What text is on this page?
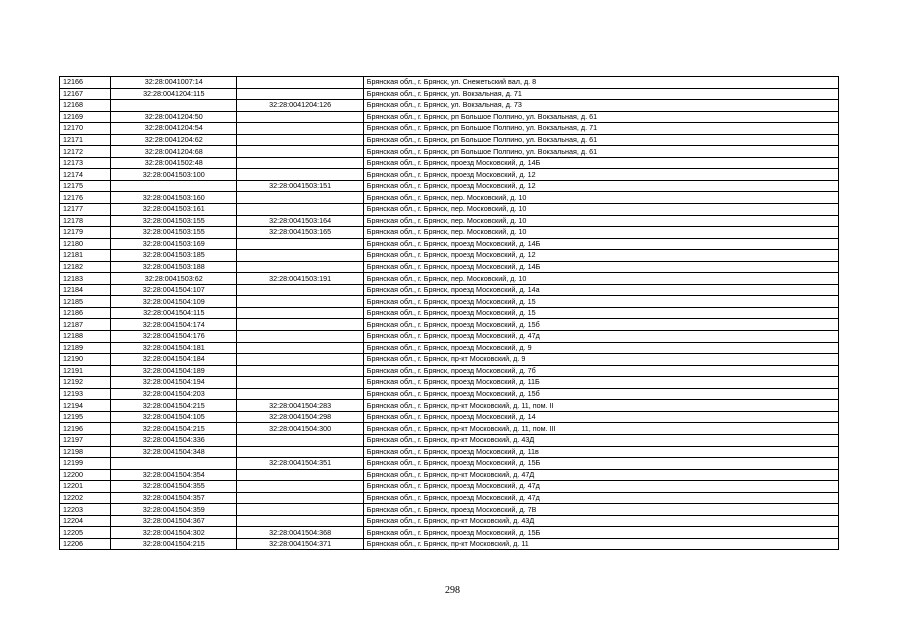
12166	32:28:0041007:14		Брянская обл., г. Брянск, ул. Снежетьский вал, д. 8
12167	32:28:0041204:115		Брянская обл., г. Брянск, ул. Вокзальная, д. 71
12168		32:28:0041204:126	Брянская обл., г. Брянск, ул. Вокзальная, д. 73
12169	32:28:0041204:50		Брянская обл., г. Брянск, рп Большое Полпино, ул. Вокзальная, д. 61
12170	32:28:0041204:54		Брянская обл., г. Брянск, рп Большое Полпино, ул. Вокзальная, д. 71
12171	32:28:0041204:62		Брянская обл., г. Брянск, рп Большое Полпино, ул. Вокзальная, д. 61
12172	32:28:0041204:68		Брянская обл., г. Брянск, рп Большое Полпино, ул. Вокзальная, д. 61
12173	32:28:0041502:48		Брянская обл., г. Брянск, проезд Московский, д. 14Б
12174	32:28:0041503:100		Брянская обл., г. Брянск, проезд Московский, д. 12
12175		32:28:0041503:151	Брянская обл., г. Брянск, проезд Московский, д. 12
12176	32:28:0041503:160		Брянская обл., г. Брянск, пер. Московский, д. 10
12177	32:28:0041503:161		Брянская обл., г. Брянск, пер. Московский, д. 10
12178	32:28:0041503:155	32:28:0041503:164	Брянская обл., г. Брянск, пер. Московский, д. 10
12179	32:28:0041503:155	32:28:0041503:165	Брянская обл., г. Брянск, пер. Московский, д. 10
12180	32:28:0041503:169		Брянская обл., г. Брянск, проезд Московский, д. 14Б
12181	32:28:0041503:185		Брянская обл., г. Брянск, проезд Московский, д. 12
12182	32:28:0041503:188		Брянская обл., г. Брянск, проезд Московский, д. 14Б
12183	32:28:0041503:62	32:28:0041503:191	Брянская обл., г. Брянск, пер. Московский, д. 10
12184	32:28:0041504:107		Брянская обл., г. Брянск, проезд Московский, д. 14а
12185	32:28:0041504:109		Брянская обл., г. Брянск, проезд Московский, д. 15
12186	32:28:0041504:115		Брянская обл., г. Брянск, проезд Московский, д. 15
12187	32:28:0041504:174		Брянская обл., г. Брянск, проезд Московский, д. 15б
12188	32:28:0041504:176		Брянская обл., г. Брянск, проезд Московский, д. 47д
12189	32:28:0041504:181		Брянская обл., г. Брянск, проезд Московский, д. 9
12190	32:28:0041504:184		Брянская обл., г. Брянск, пр-кт Московский, д. 9
12191	32:28:0041504:189		Брянская обл., г. Брянск, проезд Московский, д. 7б
12192	32:28:0041504:194		Брянская обл., г. Брянск, проезд Московский, д. 11Б
12193	32:28:0041504:203		Брянская обл., г. Брянск, проезд Московский, д. 15б
12194	32:28:0041504:215	32:28:0041504:283	Брянская обл., г. Брянск, пр-кт Московский, д. 11, пом. II
12195	32:28:0041504:105	32:28:0041504:298	Брянская обл., г. Брянск, проезд Московский, д. 14
12196	32:28:0041504:215	32:28:0041504:300	Брянская обл., г. Брянск, пр-кт Московский, д. 11, пом. III
12197	32:28:0041504:336		Брянская обл., г. Брянск, пр-кт Московский, д. 43Д
12198	32:28:0041504:348		Брянская обл., г. Брянск, проезд Московский, д. 11в
12199		32:28:0041504:351	Брянская обл., г. Брянск, проезд Московский, д. 15Б
12200	32:28:0041504:354		Брянская обл., г. Брянск, пр-кт Московский, д. 47Д
12201	32:28:0041504:355		Брянская обл., г. Брянск, проезд Московский, д. 47д
12202	32:28:0041504:357		Брянская обл., г. Брянск, проезд Московский, д. 47д
12203	32:28:0041504:359		Брянская обл., г. Брянск, проезд Московский, д. 7В
12204	32:28:0041504:367		Брянская обл., г. Брянск, пр-кт Московский, д. 43Д
12205	32:28:0041504:302	32:28:0041504:368	Брянская обл., г. Брянск, проезд Московский, д. 15Б
12206	32:28:0041504:215	32:28:0041504:371	Брянская обл., г. Брянск, пр-кт Московский, д. 11
298
